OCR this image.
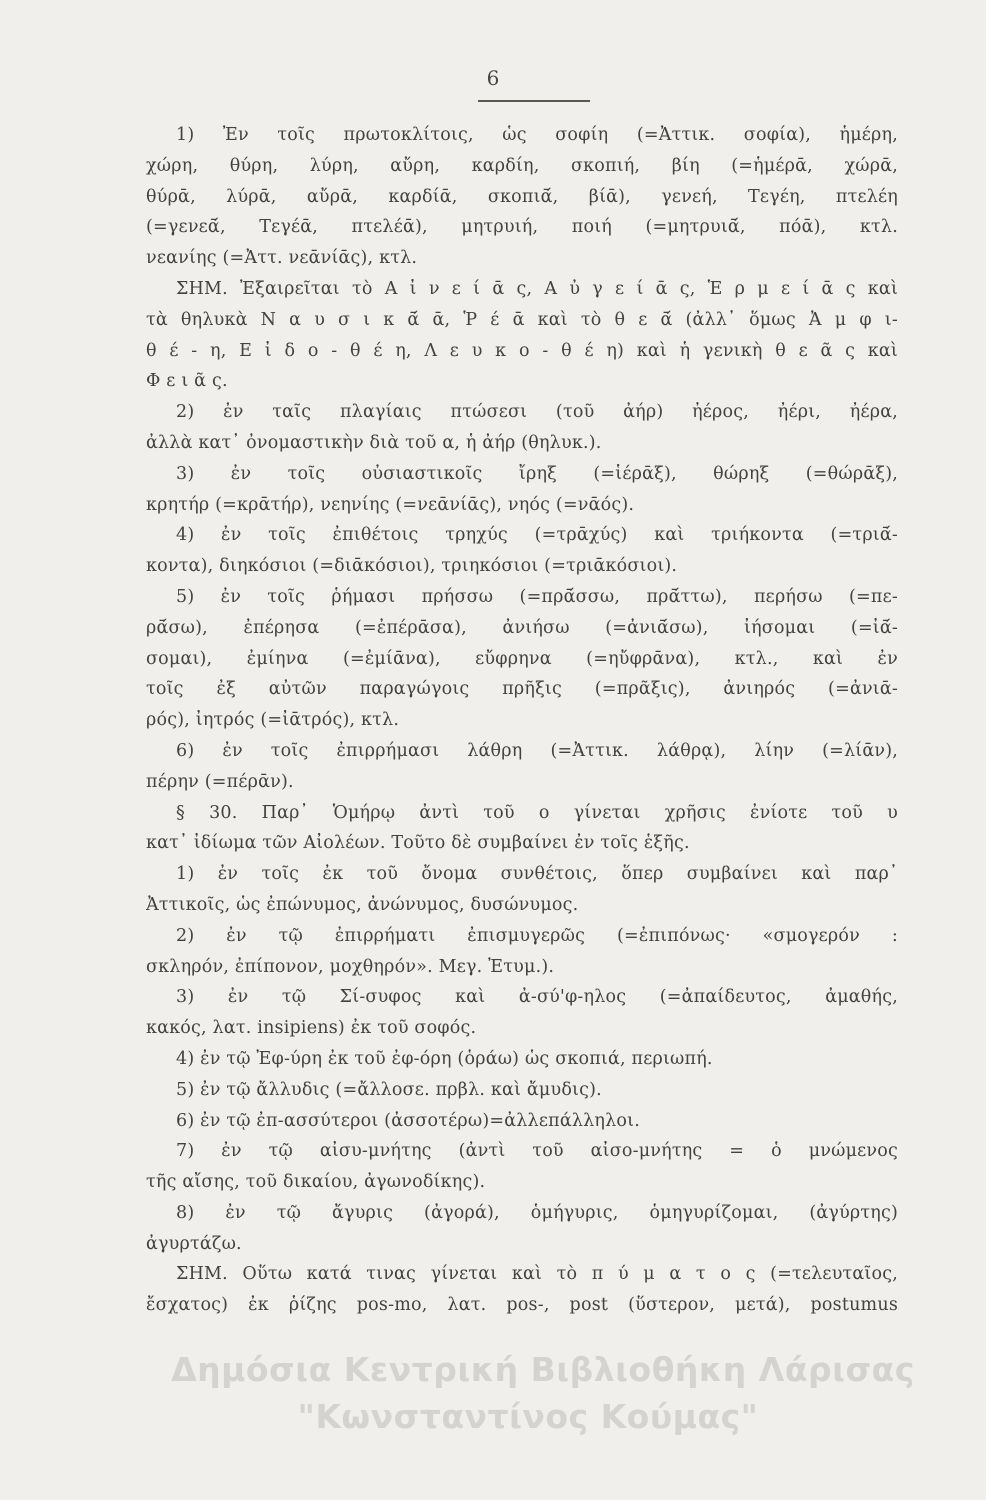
6
1) Ἐν τοῖς πρωτοκλίτοις, ὡς σοφίη (=Ἀττικ. σοφία), ἡμέρη,
χώρη, θύρη, λύρη, αὔρη, καρδίη, σκοπιή, βίη (=ἡμέρᾱ, χώρᾱ,
θύρᾱ, λύρᾱ, αὔρᾱ, καρδίᾱ, σκοπιᾱ́, βίᾱ), γενεή, Τεγέη, πτελέη
(=γενεᾱ́, Τεγέᾱ, πτελέᾱ), μητρυιή, ποιή (=μητρυιᾱ́, πόᾱ), κτλ.
νεανίης (=Ἀττ. νεᾱνίᾱς), κτλ.
ΣΗΜ. Ἐξαιρεῖται τὸ Α ἰ ν ε ί ᾱ ς, Α ὐ γ ε ί ᾱ ς, Ἑ ρ μ ε ί ᾱ ς καὶ
τὰ θηλυκὰ Ν α υ σ ι κ ᾱ́ ᾱ, Ῥ έ ᾱ καὶ τὸ θ ε ᾱ́ (ἀλλ᾽ ὅμως Ἀ μ φ ι-
θ έ - η, Ε ἰ δ ο - θ έ η, Λ ε υ κ ο - θ έ η) καὶ ἡ γενικὴ θ ε ᾶ ς καὶ
Φ ε ι ᾶ ς.
2) ἐν ταῖς πλαγίαις πτώσεσι (τοῦ ἀήρ) ἠέρος, ἠέρι, ἠέρα,
ἀλλὰ κατ᾽ ὀνομαστικὴν διὰ τοῦ α, ἡ ἀήρ (θηλυκ.).
3) ἐν τοῖς οὐσιαστικοῖς ἴρηξ (=ἱέρᾱξ), θώρηξ (=θώρᾱξ),
κρητήρ (=κρᾱτήρ), νεηνίης (=νεᾱνίᾱς), νηός (=νᾱός).
4) ἐν τοῖς ἐπιθέτοις τρηχύς (=τρᾱχύς) καὶ τριήκοντα (=τριᾱ́-
κοντα), διηκόσιοι (=διᾱκόσιοι), τριηκόσιοι (=τριᾱκόσιοι).
5) ἐν τοῖς ῥήμασι πρήσσω (=πρᾱ́σσω, πρᾱ́ττω), περήσω (=πε-
ρᾱ́σω), ἐπέρησα (=ἐπέρᾱσα), ἀνιήσω (=ἀνιᾱ́σω), ἰήσομαι (=ἰᾱ́-
σομαι), ἐμίηνα (=ἐμίᾱνα), εὔφρηνα (=ηὔφρᾱνα), κτλ., καὶ ἐν
τοῖς ἐξ αὐτῶν παραγώγοις πρῆξις (=πρᾶξις), ἀνιηρός (=ἀνιᾱ-
ρός), ἰητρός (=ἰᾱτρός), κτλ.
6) ἐν τοῖς ἐπιρρήμασι λάθρη (=Ἀττικ. λάθρᾳ), λίην (=λίᾱν),
πέρην (=πέρᾱν).
§ 30. Παρ᾽ Ὁμήρῳ ἀντὶ τοῦ ο γίνεται χρῆσις ἐνίοτε τοῦ υ
κατ᾽ ἰδίωμα τῶν Αἰολέων. Τοῦτο δὲ συμβαίνει ἐν τοῖς ἑξῆς.
1) ἐν τοῖς ἐκ τοῦ ὄνομα συνθέτοις, ὅπερ συμβαίνει καὶ παρ᾽
Ἀττικοῖς, ὡς ἐπώνυμος, ἀνώνυμος, δυσώνυμος.
2) ἐν τῷ ἐπιρρήματι ἐπισμυγερῶς (=ἐπιπόνως· «σμογερόν :
σκληρόν, ἐπίπονον, μοχθηρόν». Μεγ. Ἐτυμ.).
3) ἐν τῷ Σί-συφος καὶ ἀ-σύ'φ-ηλος (=ἀπαίδευτος, ἀμαθής,
κακός, λατ. insipiens) ἐκ τοῦ σοφός.
4) ἐν τῷ Ἐφ-ύρη ἐκ τοῦ ἐφ-όρη (ὁράω) ὡς σκοπιά, περιωπή.
5) ἐν τῷ ἄλλυδις (=ἄλλοσε. πρβλ. καὶ ἄμυδις).
6) ἐν τῷ ἐπ-ασσύτεροι (ἀσσοτέρω)=ἀλλεπάλληλοι.
7) ἐν τῷ αἰσυ-μνήτης (ἀντὶ τοῦ αἰσο-μνήτης = ὁ μνώμενος
τῆς αἴσης, τοῦ δικαίου, ἀγωνοδίκης).
8) ἐν τῷ ἄγυρις (ἀγορά), ὁμήγυρις, ὁμηγυρίζομαι, (ἀγύρτης)
ἀγυρτάζω.
ΣΗΜ. Οὕτω κατά τινας γίνεται καὶ τὸ π ύ μ α τ ο ς (=τελευταῖος,
ἔσχατος) ἐκ ῥίζης pos-mo, λατ. pos-, post (ὕστερον, μετά), postumus
Δημόσια Κεντρική Βιβλιοθήκη Λάρισας
"Κωνσταντίνος Κούμας"
